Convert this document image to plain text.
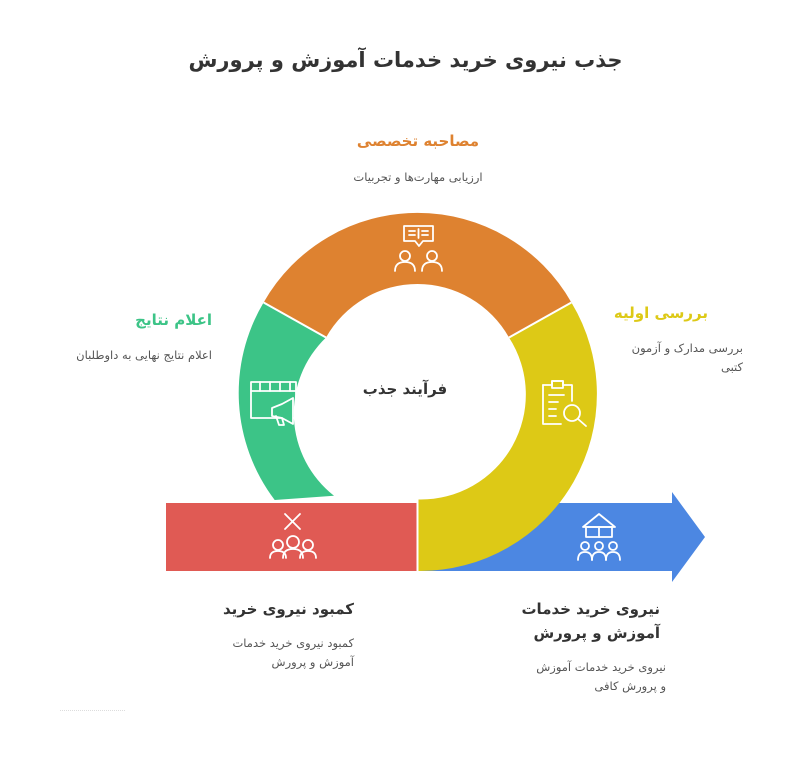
جذب نیروی خرید خدمات آموزش و پرورش
فرآیند جذب
مصاحبه تخصصی
ارزیابی مهارت‌ها و تجربیات
بررسی اولیه
بررسی مدارک و آزمون
کتبی
اعلام نتایج
اعلام نتایج نهایی به داوطلبان
کمبود نیروی خرید
کمبود نیروی خرید خدمات
آموزش و پرورش
نیروی خرید خدمات
آموزش و پرورش
نیروی خرید خدمات آموزش
و پرورش کافی
